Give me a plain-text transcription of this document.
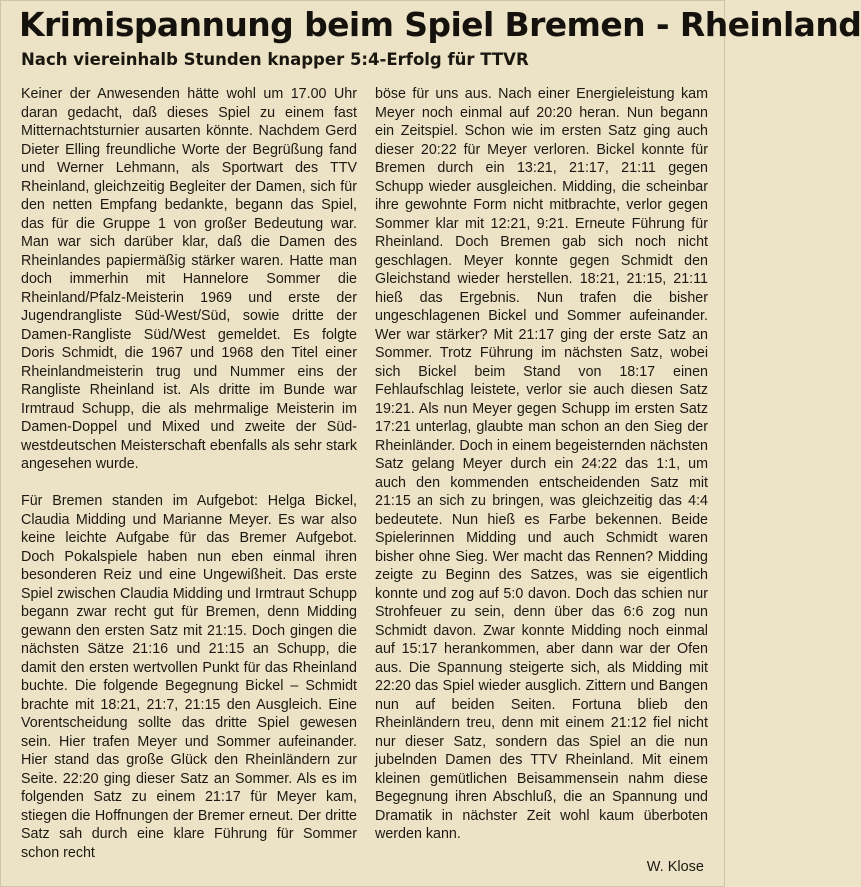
Krimispannung beim Spiel Bremen - Rheinland
Nach viereinhalb Stunden knapper 5:4-Erfolg für TTVR

Keiner der Anwesenden hätte wohl um 17.00 Uhr daran gedacht, daß dieses Spiel zu einem fast Mitternachtsturnier ausarten könnte. Nachdem Gerd Dieter Elling freundliche Worte der Begrüßung fand und Werner Lehmann, als Sportwart des TTV Rheinland, gleichzeitig Begleiter der Damen, sich für den netten Empfang bedankte, begann das Spiel, das für die Gruppe 1 von großer Bedeutung war. Man war sich darüber klar, daß die Damen des Rheinlandes papiermäßig stärker waren. Hatte man doch immerhin mit Hannelore Sommer die Rheinland/Pfalz-Meisterin 1969 und erste der Jugendrangliste Süd-West/Süd, sowie dritte der Damen-Rangliste Süd/West gemeldet. Es folgte Doris Schmidt, die 1967 und 1968 den Titel einer Rheinlandmeisterin trug und Nummer eins der Rangliste Rheinland ist. Als dritte im Bunde war Irmtraud Schupp, die als mehrmalige Meisterin im Damen-Doppel und Mixed und zweite der Südwestdeutschen Meisterschaft ebenfalls als sehr stark angesehen wurde.

Für Bremen standen im Aufgebot: Helga Bickel, Claudia Midding und Marianne Meyer. Es war also keine leichte Aufgabe für das Bremer Aufgebot. Doch Pokalspiele haben nun eben einmal ihren besonderen Reiz und eine Ungewißheit. Das erste Spiel zwischen Claudia Midding und Irmtraut Schupp begann zwar recht gut für Bremen, denn Midding gewann den ersten Satz mit 21:15. Doch gingen die nächsten Sätze 21:16 und 21:15 an Schupp, die damit den ersten wertvollen Punkt für das Rheinland buchte. Die folgende Begegnung Bickel – Schmidt brachte mit 18:21, 21:7, 21:15 den Ausgleich. Eine Vorentscheidung sollte das dritte Spiel gewesen sein. Hier trafen Meyer und Sommer aufeinander. Hier stand das große Glück den Rheinländern zur Seite. 22:20 ging dieser Satz an Sommer. Als es im folgenden Satz zu einem 21:17 für Meyer kam, stiegen die Hoffnungen der Bremer erneut. Der dritte Satz sah durch eine klare Führung für Sommer schon recht

böse für uns aus. Nach einer Energieleistung kam Meyer noch einmal auf 20:20 heran. Nun begann ein Zeitspiel. Schon wie im ersten Satz ging auch dieser 20:22 für Meyer verloren. Bickel konnte für Bremen durch ein 13:21, 21:17, 21:11 gegen Schupp wieder ausgleichen. Midding, die scheinbar ihre gewohnte Form nicht mitbrachte, verlor gegen Sommer klar mit 12:21, 9:21. Erneute Führung für Rheinland. Doch Bremen gab sich noch nicht geschlagen. Meyer konnte gegen Schmidt den Gleichstand wieder herstellen. 18:21, 21:15, 21:11 hieß das Ergebnis. Nun trafen die bisher ungeschlagenen Bickel und Sommer aufeinander. Wer war stärker? Mit 21:17 ging der erste Satz an Sommer. Trotz Führung im nächsten Satz, wobei sich Bickel beim Stand von 18:17 einen Fehlaufschlag leistete, verlor sie auch diesen Satz 19:21. Als nun Meyer gegen Schupp im ersten Satz 17:21 unterlag, glaubte man schon an den Sieg der Rheinländer. Doch in einem begeisternden nächsten Satz gelang Meyer durch ein 24:22 das 1:1, um auch den kommenden entscheidenden Satz mit 21:15 an sich zu bringen, was gleichzeitig das 4:4 bedeutete. Nun hieß es Farbe bekennen. Beide Spielerinnen Midding und auch Schmidt waren bisher ohne Sieg. Wer macht das Rennen? Midding zeigte zu Beginn des Satzes, was sie eigentlich konnte und zog auf 5:0 davon. Doch das schien nur Strohfeuer zu sein, denn über das 6:6 zog nun Schmidt davon. Zwar konnte Midding noch einmal auf 15:17 herankommen, aber dann war der Ofen aus. Die Spannung steigerte sich, als Midding mit 22:20 das Spiel wieder ausglich. Zittern und Bangen nun auf beiden Seiten. Fortuna blieb den Rheinländern treu, denn mit einem 21:12 fiel nicht nur dieser Satz, sondern das Spiel an die nun jubelnden Damen des TTV Rheinland. Mit einem kleinen gemütlichen Beisammensein nahm diese Begegnung ihren Abschluß, die an Spannung und Dramatik in nächster Zeit wohl kaum überboten werden kann.

W. Klose
